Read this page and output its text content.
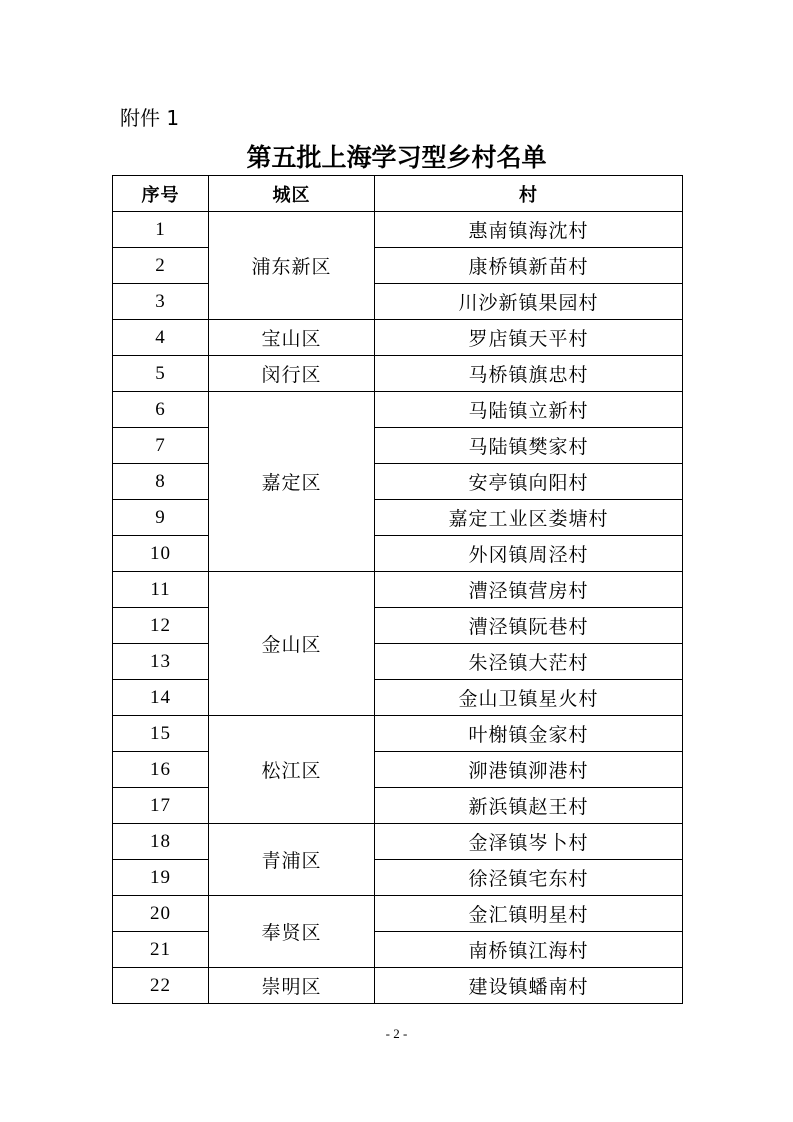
附件 1
第五批上海学习型乡村名单
序号	城区	村
1	浦东新区	惠南镇海沈村
2		康桥镇新苗村
3		川沙新镇果园村
4	宝山区	罗店镇天平村
5	闵行区	马桥镇旗忠村
6	嘉定区	马陆镇立新村
7		马陆镇樊家村
8		安亭镇向阳村
9		嘉定工业区娄塘村
10		外冈镇周泾村
11	金山区	漕泾镇营房村
12		漕泾镇阮巷村
13		朱泾镇大茫村
14		金山卫镇星火村
15	松江区	叶榭镇金家村
16		泖港镇泖港村
17		新浜镇赵王村
18	青浦区	金泽镇岑卜村
19		徐泾镇宅东村
20	奉贤区	金汇镇明星村
21		南桥镇江海村
22	崇明区	建设镇蟠南村
- 2 -
